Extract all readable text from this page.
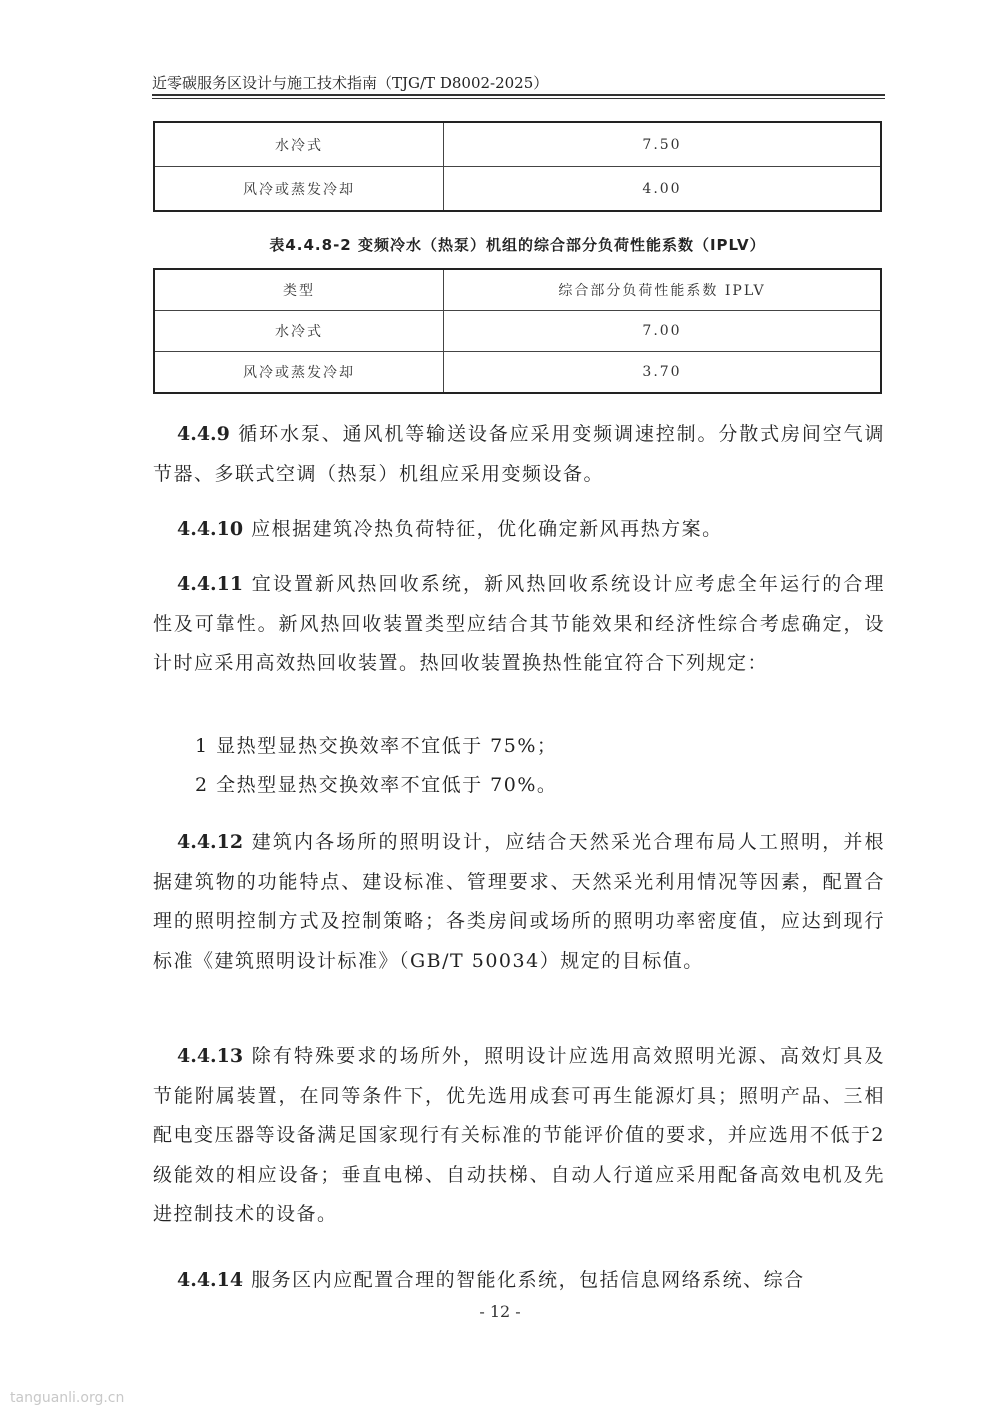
近零碳服务区设计与施工技术指南（TJG/T D8002-2025）
水冷式	7.50
风冷或蒸发冷却	4.00
表4.4.8-2 变频冷水（热泵）机组的综合部分负荷性能系数（IPLV）
类型	综合部分负荷性能系数 IPLV
水冷式	7.00
风冷或蒸发冷却	3.70
4.4.9 循环水泵、通风机等输送设备应采用变频调速控制。分散式房间空气调节器、多联式空调（热泵）机组应采用变频设备。
4.4.10 应根据建筑冷热负荷特征，优化确定新风再热方案。
4.4.11 宜设置新风热回收系统，新风热回收系统设计应考虑全年运行的合理性及可靠性。新风热回收装置类型应结合其节能效果和经济性综合考虑确定，设计时应采用高效热回收装置。热回收装置换热性能宜符合下列规定：
1 显热型显热交换效率不宜低于 75%；
2 全热型显热交换效率不宜低于 70%。
4.4.12 建筑内各场所的照明设计，应结合天然采光合理布局人工照明，并根据建筑物的功能特点、建设标准、管理要求、天然采光利用情况等因素，配置合理的照明控制方式及控制策略；各类房间或场所的照明功率密度值，应达到现行标准《建筑照明设计标准》（GB/T 50034）规定的目标值。
4.4.13 除有特殊要求的场所外，照明设计应选用高效照明光源、高效灯具及节能附属装置，在同等条件下，优先选用成套可再生能源灯具；照明产品、三相配电变压器等设备满足国家现行有关标准的节能评价值的要求，并应选用不低于2级能效的相应设备；垂直电梯、自动扶梯、自动人行道应采用配备高效电机及先进控制技术的设备。
4.4.14 服务区内应配置合理的智能化系统，包括信息网络系统、综合
- 12 -
tanguanli.org.cn
